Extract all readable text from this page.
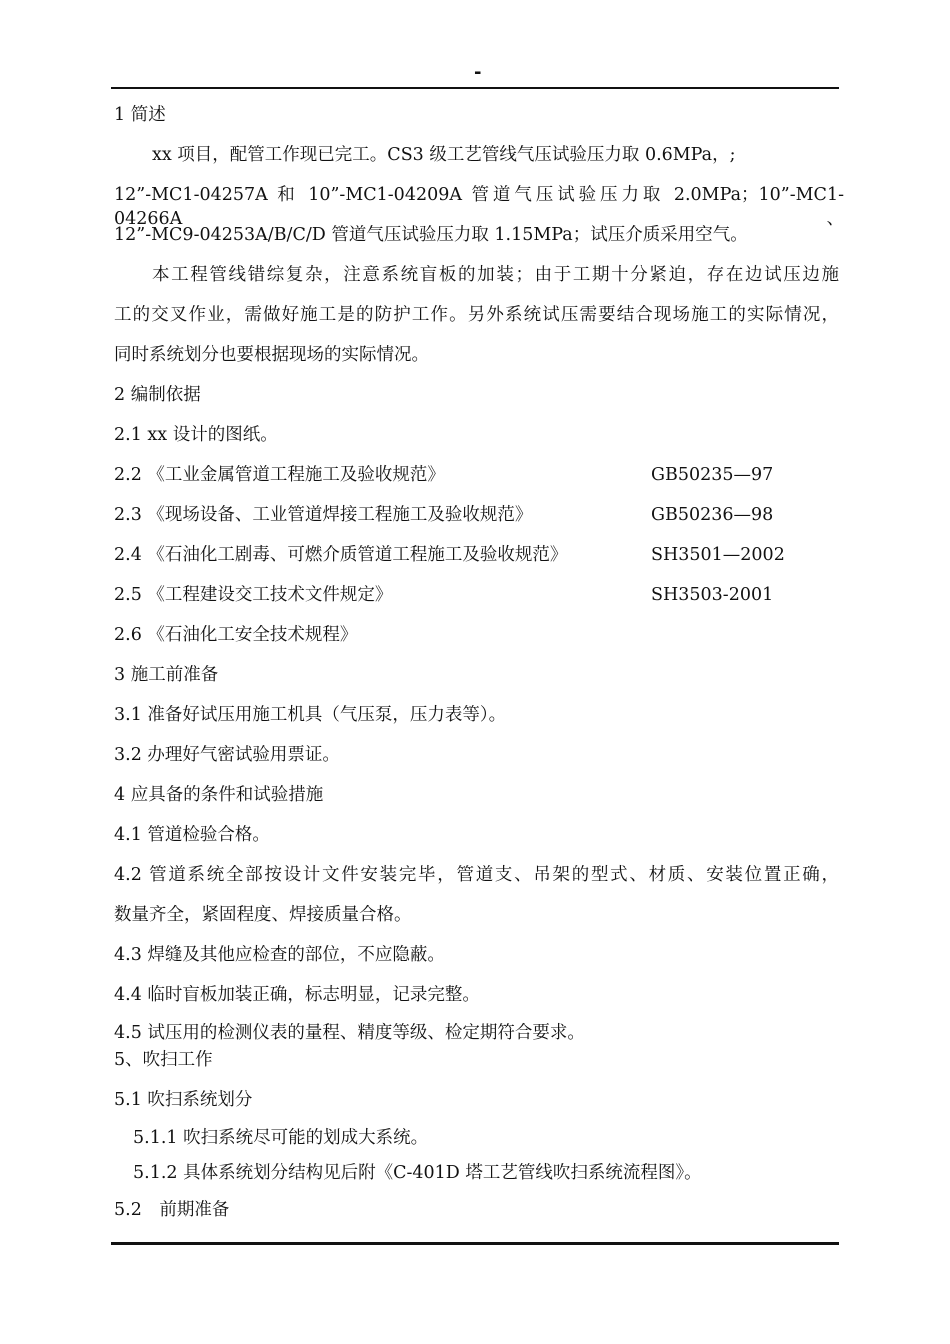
-
1 简述
xx 项目，配管工作现已完工。CS3 级工艺管线气压试验压力取 0.6MPa，;
12”-MC1-04257A 和 10”-MC1-04209A 管道气压试验压力取 2.0MPa；10”-MC1-04266A、
12”-MC9-04253A/B/C/D 管道气压试验压力取 1.15MPa；试压介质采用空气。
本工程管线错综复杂，注意系统盲板的加装；由于工期十分紧迫，存在边试压边施
工的交叉作业，需做好施工是的防护工作。另外系统试压需要结合现场施工的实际情况，
同时系统划分也要根据现场的实际情况。
2 编制依据
2.1 xx 设计的图纸。
2.2 《工业金属管道工程施工及验收规范》	GB50235—97
2.3 《现场设备、工业管道焊接工程施工及验收规范》	GB50236—98
2.4 《石油化工剧毒、可燃介质管道工程施工及验收规范》	SH3501—2002
2.5 《工程建设交工技术文件规定》	SH3503-2001
2.6 《石油化工安全技术规程》
3 施工前准备
3.1 准备好试压用施工机具（气压泵，压力表等）。
3.2 办理好气密试验用票证。
4 应具备的条件和试验措施
4.1 管道检验合格。
4.2 管道系统全部按设计文件安装完毕，管道支、吊架的型式、材质、安装位置正确，
数量齐全，紧固程度、焊接质量合格。
4.3 焊缝及其他应检查的部位，不应隐蔽。
4.4 临时盲板加装正确，标志明显，记录完整。
4.5 试压用的检测仪表的量程、精度等级、检定期符合要求。
5、吹扫工作
5.1 吹扫系统划分
5.1.1 吹扫系统尽可能的划成大系统。
5.1.2 具体系统划分结构见后附《C-401D 塔工艺管线吹扫系统流程图》。
5.2　前期准备
